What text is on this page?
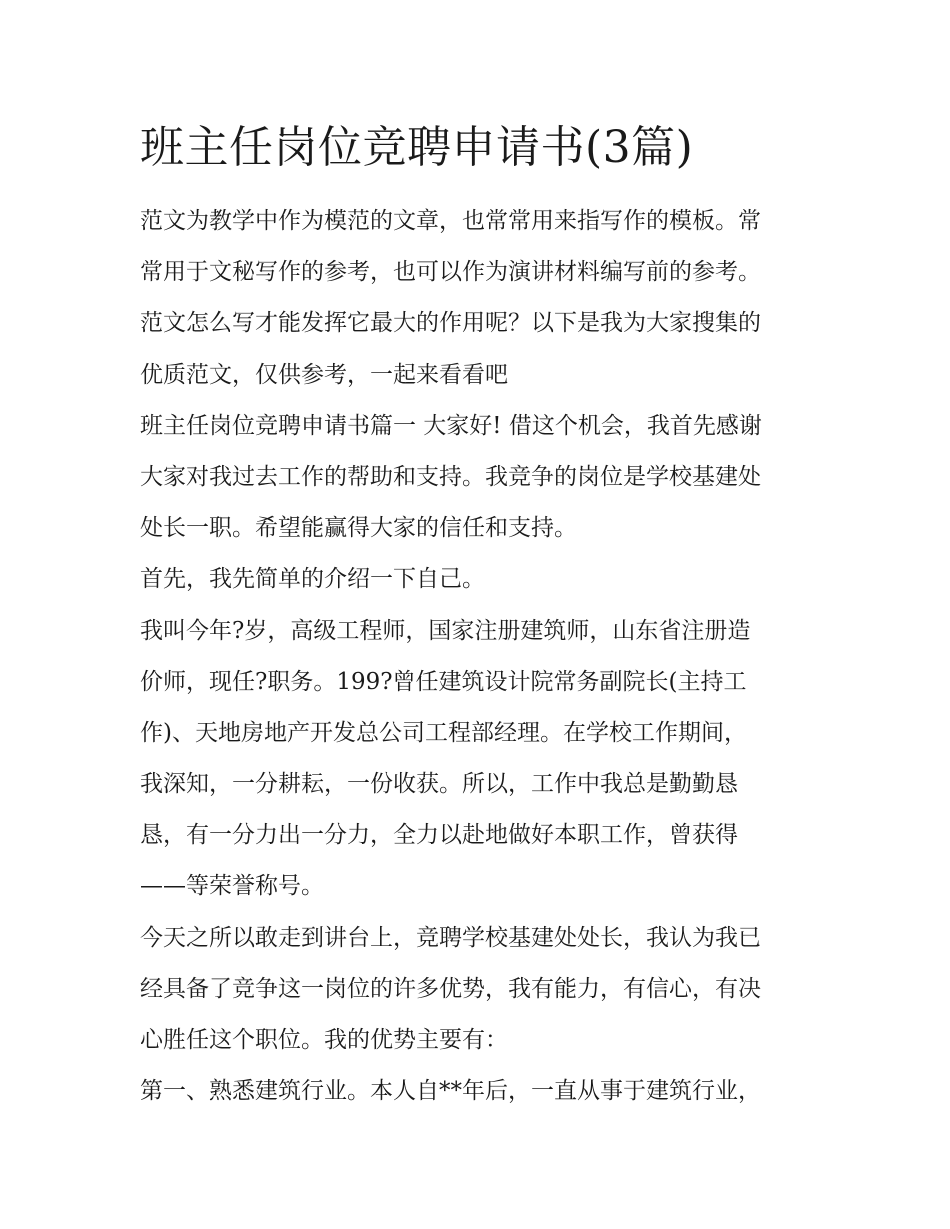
班主任岗位竞聘申请书(3篇)
范文为教学中作为模范的文章，也常常用来指写作的模板。常
常用于文秘写作的参考，也可以作为演讲材料编写前的参考。
范文怎么写才能发挥它最大的作用呢？以下是我为大家搜集的
优质范文，仅供参考，一起来看看吧
班主任岗位竞聘申请书篇一 大家好! 借这个机会，我首先感谢
大家对我过去工作的帮助和支持。我竞争的岗位是学校基建处
处长一职。希望能赢得大家的信任和支持。
首先，我先简单的介绍一下自己。
我叫今年?岁，高级工程师，国家注册建筑师，山东省注册造
价师，现任?职务。199?曾任建筑设计院常务副院长(主持工
作)、天地房地产开发总公司工程部经理。在学校工作期间，
我深知，一分耕耘，一份收获。所以，工作中我总是勤勤恳
恳，有一分力出一分力，全力以赴地做好本职工作，曾获得
——等荣誉称号。
今天之所以敢走到讲台上，竞聘学校基建处处长，我认为我已
经具备了竞争这一岗位的许多优势，我有能力，有信心，有决
心胜任这个职位。我的优势主要有：
第一、熟悉建筑行业。本人自**年后，一直从事于建筑行业，
